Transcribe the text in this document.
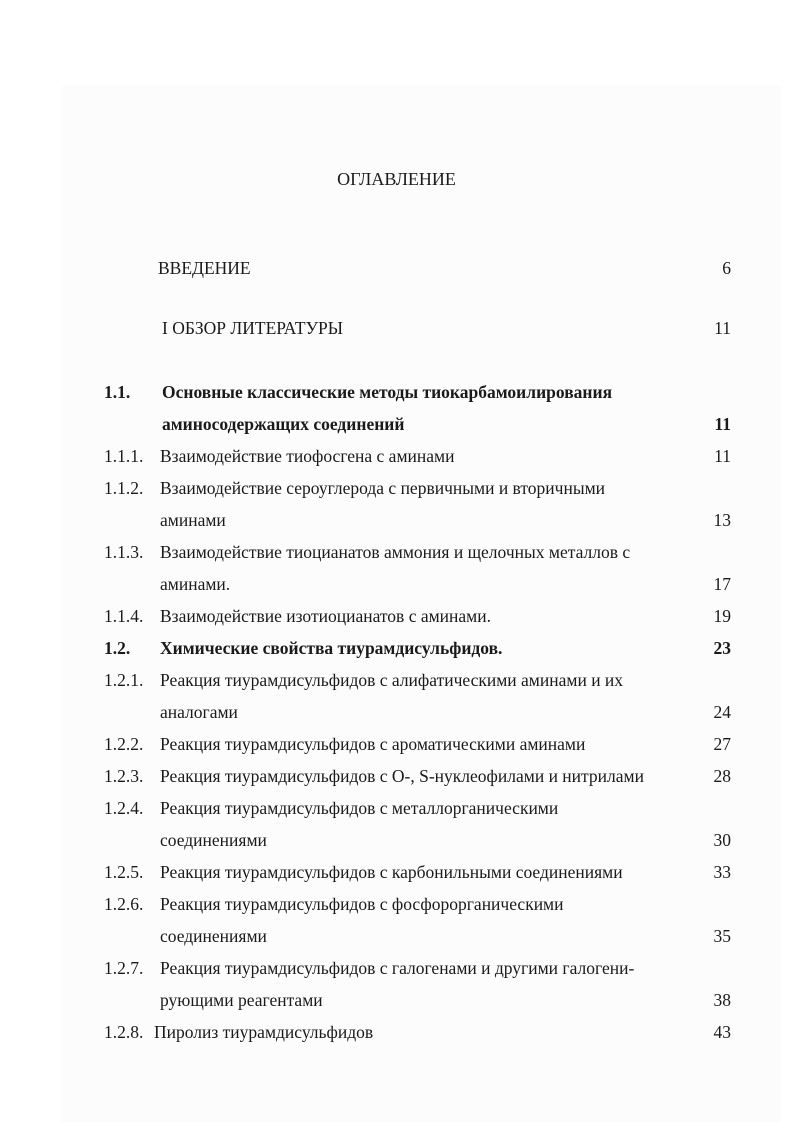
ОГЛАВЛЕНИЕ
ВВЕДЕНИЕ	6
I ОБЗОР ЛИТЕРАТУРЫ	11
1.1. Основные классические методы тиокарбамоилирования
аминосодержащих соединений	11
1.1.1. Взаимодействие тиофосгена с аминами	11
1.1.2. Взаимодействие сероуглерода с первичными и вторичными
аминами	13
1.1.3. Взаимодействие тиоцианатов аммония и щелочных металлов с
аминами.	17
1.1.4. Взаимодействие изотиоцианатов с аминами.	19
1.2. Химические свойства тиурамдисульфидов.	23
1.2.1. Реакция тиурамдисульфидов с алифатическими аминами и их
аналогами	24
1.2.2. Реакция тиурамдисульфидов с ароматическими аминами	27
1.2.3. Реакция тиурамдисульфидов с O-, S-нуклеофилами и нитрилами	28
1.2.4. Реакция тиурамдисульфидов с металлорганическими
соединениями	30
1.2.5. Реакция тиурамдисульфидов с карбонильными соединениями	33
1.2.6. Реакция тиурамдисульфидов с фосфорорганическими
соединениями	35
1.2.7. Реакция тиурамдисульфидов с галогенами и другими галогени-
рующими реагентами	38
1.2.8. Пиролиз тиурамдисульфидов	43
